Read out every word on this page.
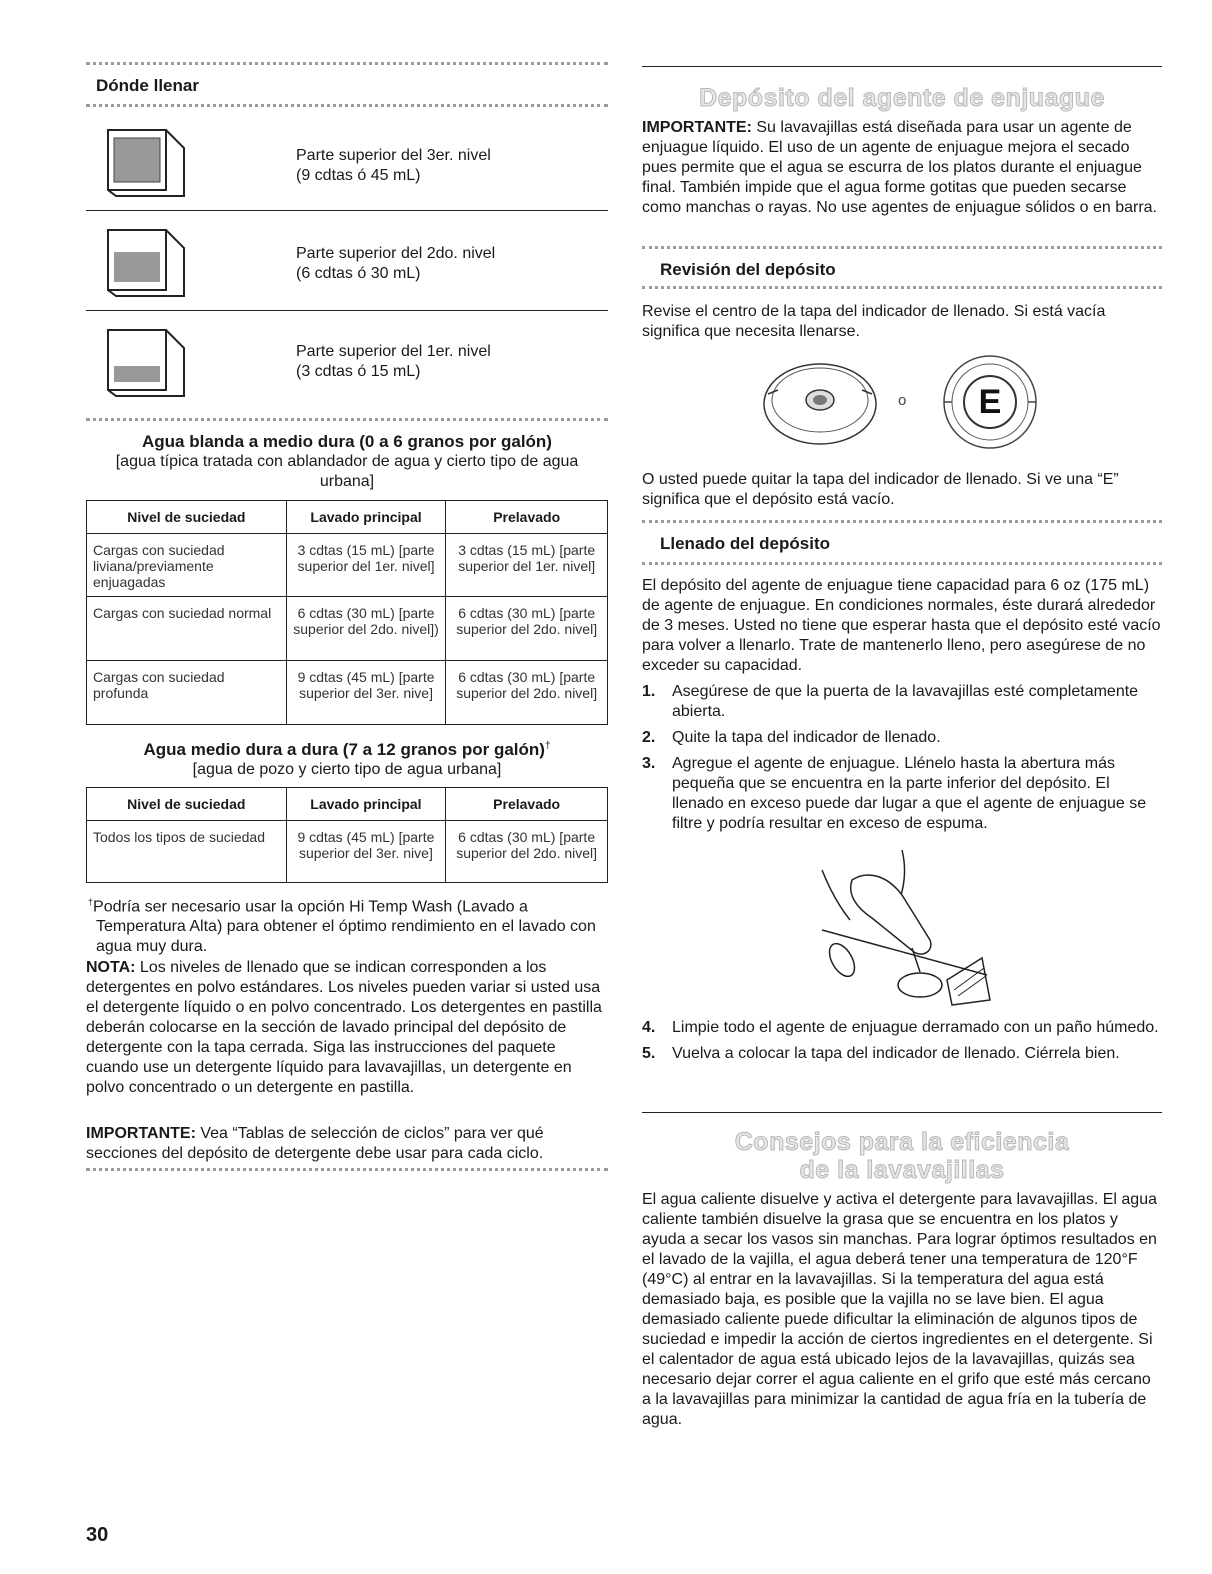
Dónde llenar
Parte superior del 3er. nivel
(9 cdtas ó 45 mL)
Parte superior del 2do. nivel
(6 cdtas ó 30 mL)
Parte superior del 1er. nivel
(3 cdtas ó 15 mL)
Agua blanda a medio dura (0 a 6 granos por galón)
[agua típica tratada con ablandador de agua y cierto tipo de agua urbana]
Nivel de suciedad	Lavado principal	Prelavado
Cargas con suciedad liviana/previamente enjuagadas	3 cdtas (15 mL) [parte superior del 1er. nivel]	3 cdtas (15 mL) [parte superior del 1er. nivel]
Cargas con suciedad normal	6 cdtas (30 mL) [parte superior del 2do. nivel])	6 cdtas (30 mL) [parte superior del 2do. nivel]
Cargas con suciedad profunda	9 cdtas (45 mL) [parte superior del 3er. nive]	6 cdtas (30 mL) [parte superior del 2do. nivel]
Agua medio dura a dura (7 a 12 granos por galón)†
[agua de pozo y cierto tipo de agua urbana]
Nivel de suciedad	Lavado principal	Prelavado
Todos los tipos de suciedad	9 cdtas (45 mL) [parte superior del 3er. nive]	6 cdtas (30 mL) [parte superior del 2do. nivel]
†Podría ser necesario usar la opción Hi Temp Wash (Lavado a Temperatura Alta) para obtener el óptimo rendimiento en el lavado con agua muy dura.
NOTA: Los niveles de llenado que se indican corresponden a los detergentes en polvo estándares. Los niveles pueden variar si usted usa el detergente líquido o en polvo concentrado. Los detergentes en pastilla deberán colocarse en la sección de lavado principal del depósito de detergente con la tapa cerrada. Siga las instrucciones del paquete cuando use un detergente líquido para lavavajillas, un detergente en polvo concentrado o un detergente en pastilla.
IMPORTANTE: Vea “Tablas de selección de ciclos” para ver qué secciones del depósito de detergente debe usar para cada ciclo.
30
Depósito del agente de enjuague
IMPORTANTE: Su lavavajillas está diseñada para usar un agente de enjuague líquido. El uso de un agente de enjuague mejora el secado pues permite que el agua se escurra de los platos durante el enjuague final. También impide que el agua forme gotitas que pueden secarse como manchas o rayas. No use agentes de enjuague sólidos o en barra.
Revisión del depósito
Revise el centro de la tapa del indicador de llenado. Si está vacía significa que necesita llenarse.
o E
O usted puede quitar la tapa del indicador de llenado. Si ve una “E” significa que el depósito está vacío.
Llenado del depósito
El depósito del agente de enjuague tiene capacidad para 6 oz (175 mL) de agente de enjuague. En condiciones normales, éste durará alrededor de 3 meses. Usted no tiene que esperar hasta que el depósito esté vacío para volver a llenarlo. Trate de mantenerlo lleno, pero asegúrese de no exceder su capacidad.
1.	Asegúrese de que la puerta de la lavavajillas esté completamente abierta.
2.	Quite la tapa del indicador de llenado.
3.	Agregue el agente de enjuague. Llénelo hasta la abertura más pequeña que se encuentra en la parte inferior del depósito. El llenado en exceso puede dar lugar a que el agente de enjuague se filtre y podría resultar en exceso de espuma.
4.	Limpie todo el agente de enjuague derramado con un paño húmedo.
5.	Vuelva a colocar la tapa del indicador de llenado. Ciérrela bien.
Consejos para la eficiencia
de la lavavajillas
El agua caliente disuelve y activa el detergente para lavavajillas. El agua caliente también disuelve la grasa que se encuentra en los platos y ayuda a secar los vasos sin manchas. Para lograr óptimos resultados en el lavado de la vajilla, el agua deberá tener una temperatura de 120°F (49°C) al entrar en la lavavajillas. Si la temperatura del agua está demasiado baja, es posible que la vajilla no se lave bien. El agua demasiado caliente puede dificultar la eliminación de algunos tipos de suciedad e impedir la acción de ciertos ingredientes en el detergente. Si el calentador de agua está ubicado lejos de la lavavajillas, quizás sea necesario dejar correr el agua caliente en el grifo que esté más cercano a la lavavajillas para minimizar la cantidad de agua fría en la tubería de agua.
